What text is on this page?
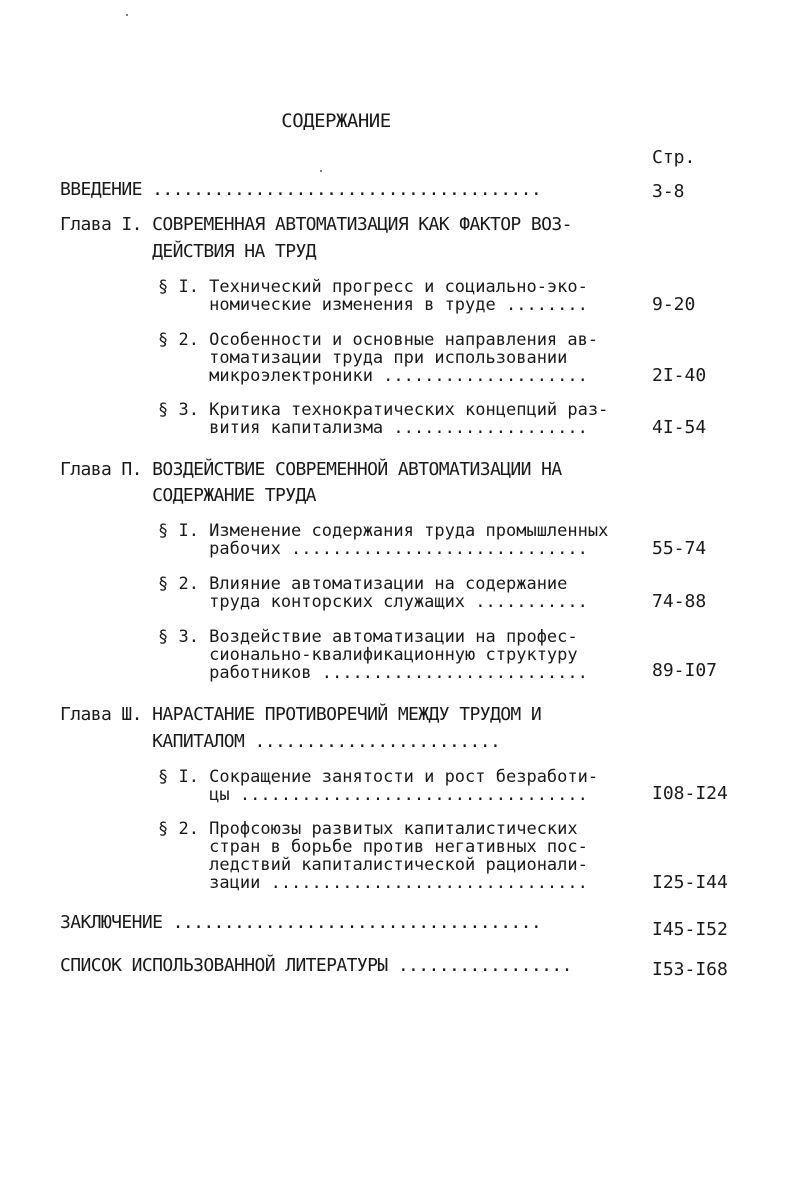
СОДЕРЖАНИЕ
Стр.
ВВЕДЕНИЕ ......................................	3-8
Глава I. СОВРЕМЕННАЯ АВТОМАТИЗАЦИЯ КАК ФАКТОР ВОЗ-
ДЕЙСТВИЯ НА ТРУД
§ I. Технический прогресс и социально-эко-
номические изменения в труде ........	9-20
§ 2. Особенности и основные направления ав-
томатизации труда при использовании
микроэлектроники ....................	2I-40
§ 3. Критика технократических концепций раз-
вития капитализма ...................	4I-54
Глава П. ВОЗДЕЙСТВИЕ СОВРЕМЕННОЙ АВТОМАТИЗАЦИИ НА
СОДЕРЖАНИЕ ТРУДА
§ I. Изменение содержания труда промышленных
рабочих .............................	55-74
§ 2. Влияние автоматизации на содержание
труда конторских служащих ...........	74-88
§ 3. Воздействие автоматизации на профес-
сионально-квалификационную структуру
работников ..........................	89-I07
Глава Ш. НАРАСТАНИЕ ПРОТИВОРЕЧИЙ МЕЖДУ ТРУДОМ И
КАПИТАЛОМ ........................
§ I. Сокращение занятости и рост безработи-
цы ..................................	I08-I24
§ 2. Профсоюзы развитых капиталистических
стран в борьбе против негативных пос-
ледствий капиталистической рационали-
зации ...............................	I25-I44
ЗАКЛЮЧЕНИЕ ....................................	I45-I52
СПИСОК ИСПОЛЬЗОВАННОЙ ЛИТЕРАТУРЫ .................	I53-I68
